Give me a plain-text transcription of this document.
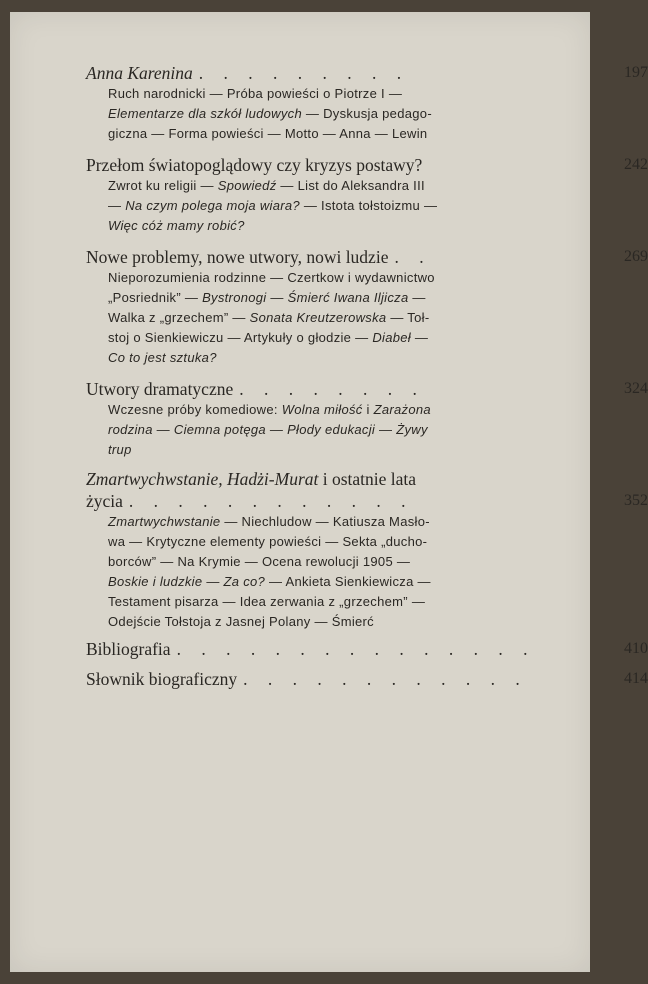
Anna Karenina . . . . . . . . .	197
Ruch narodnicki — Próba powieści o Piotrze I —
Elementarze dla szkół ludowych — Dyskusja pedago-
giczna — Forma powieści — Motto — Anna — Lewin
Przełom światopoglądowy czy kryzys postawy?	242
Zwrot ku religii — Spowiedź — List do Aleksandra III
— Na czym polega moja wiara? — Istota tołstoizmu —
Więc cóż mamy robić?
Nowe problemy, nowe utwory, nowi ludzie . .	269
Nieporozumienia rodzinne — Czertkow i wydawnictwo
„Posriednik” — Bystronogi — Śmierć Iwana Iljicza —
Walka z „grzechem” — Sonata Kreutzerowska — Toł-
stoj o Sienkiewiczu — Artykuły o głodzie — Diabeł —
Co to jest sztuka?
Utwory dramatyczne . . . . . . . .	324
Wczesne próby komediowe: Wolna miłość i Zarażona
rodzina — Ciemna potęga — Płody edukacji — Żywy
trup
Zmartwychwstanie, Hadżi-Murat i ostatnie lata
życia . . . . . . . . . . . .	352
Zmartwychwstanie — Niechludow — Katiusza Masło-
wa — Krytyczne elementy powieści — Sekta „ducho-
borców” — Na Krymie — Ocena rewolucji 1905 —
Boskie i ludzkie — Za co? — Ankieta Sienkiewicza —
Testament pisarza — Idea zerwania z „grzechem” —
Odejście Tołstoja z Jasnej Polany — Śmierć
Bibliografia . . . . . . . . . . . . . . .	410
Słownik biograficzny . . . . . . . . . . . .	414
